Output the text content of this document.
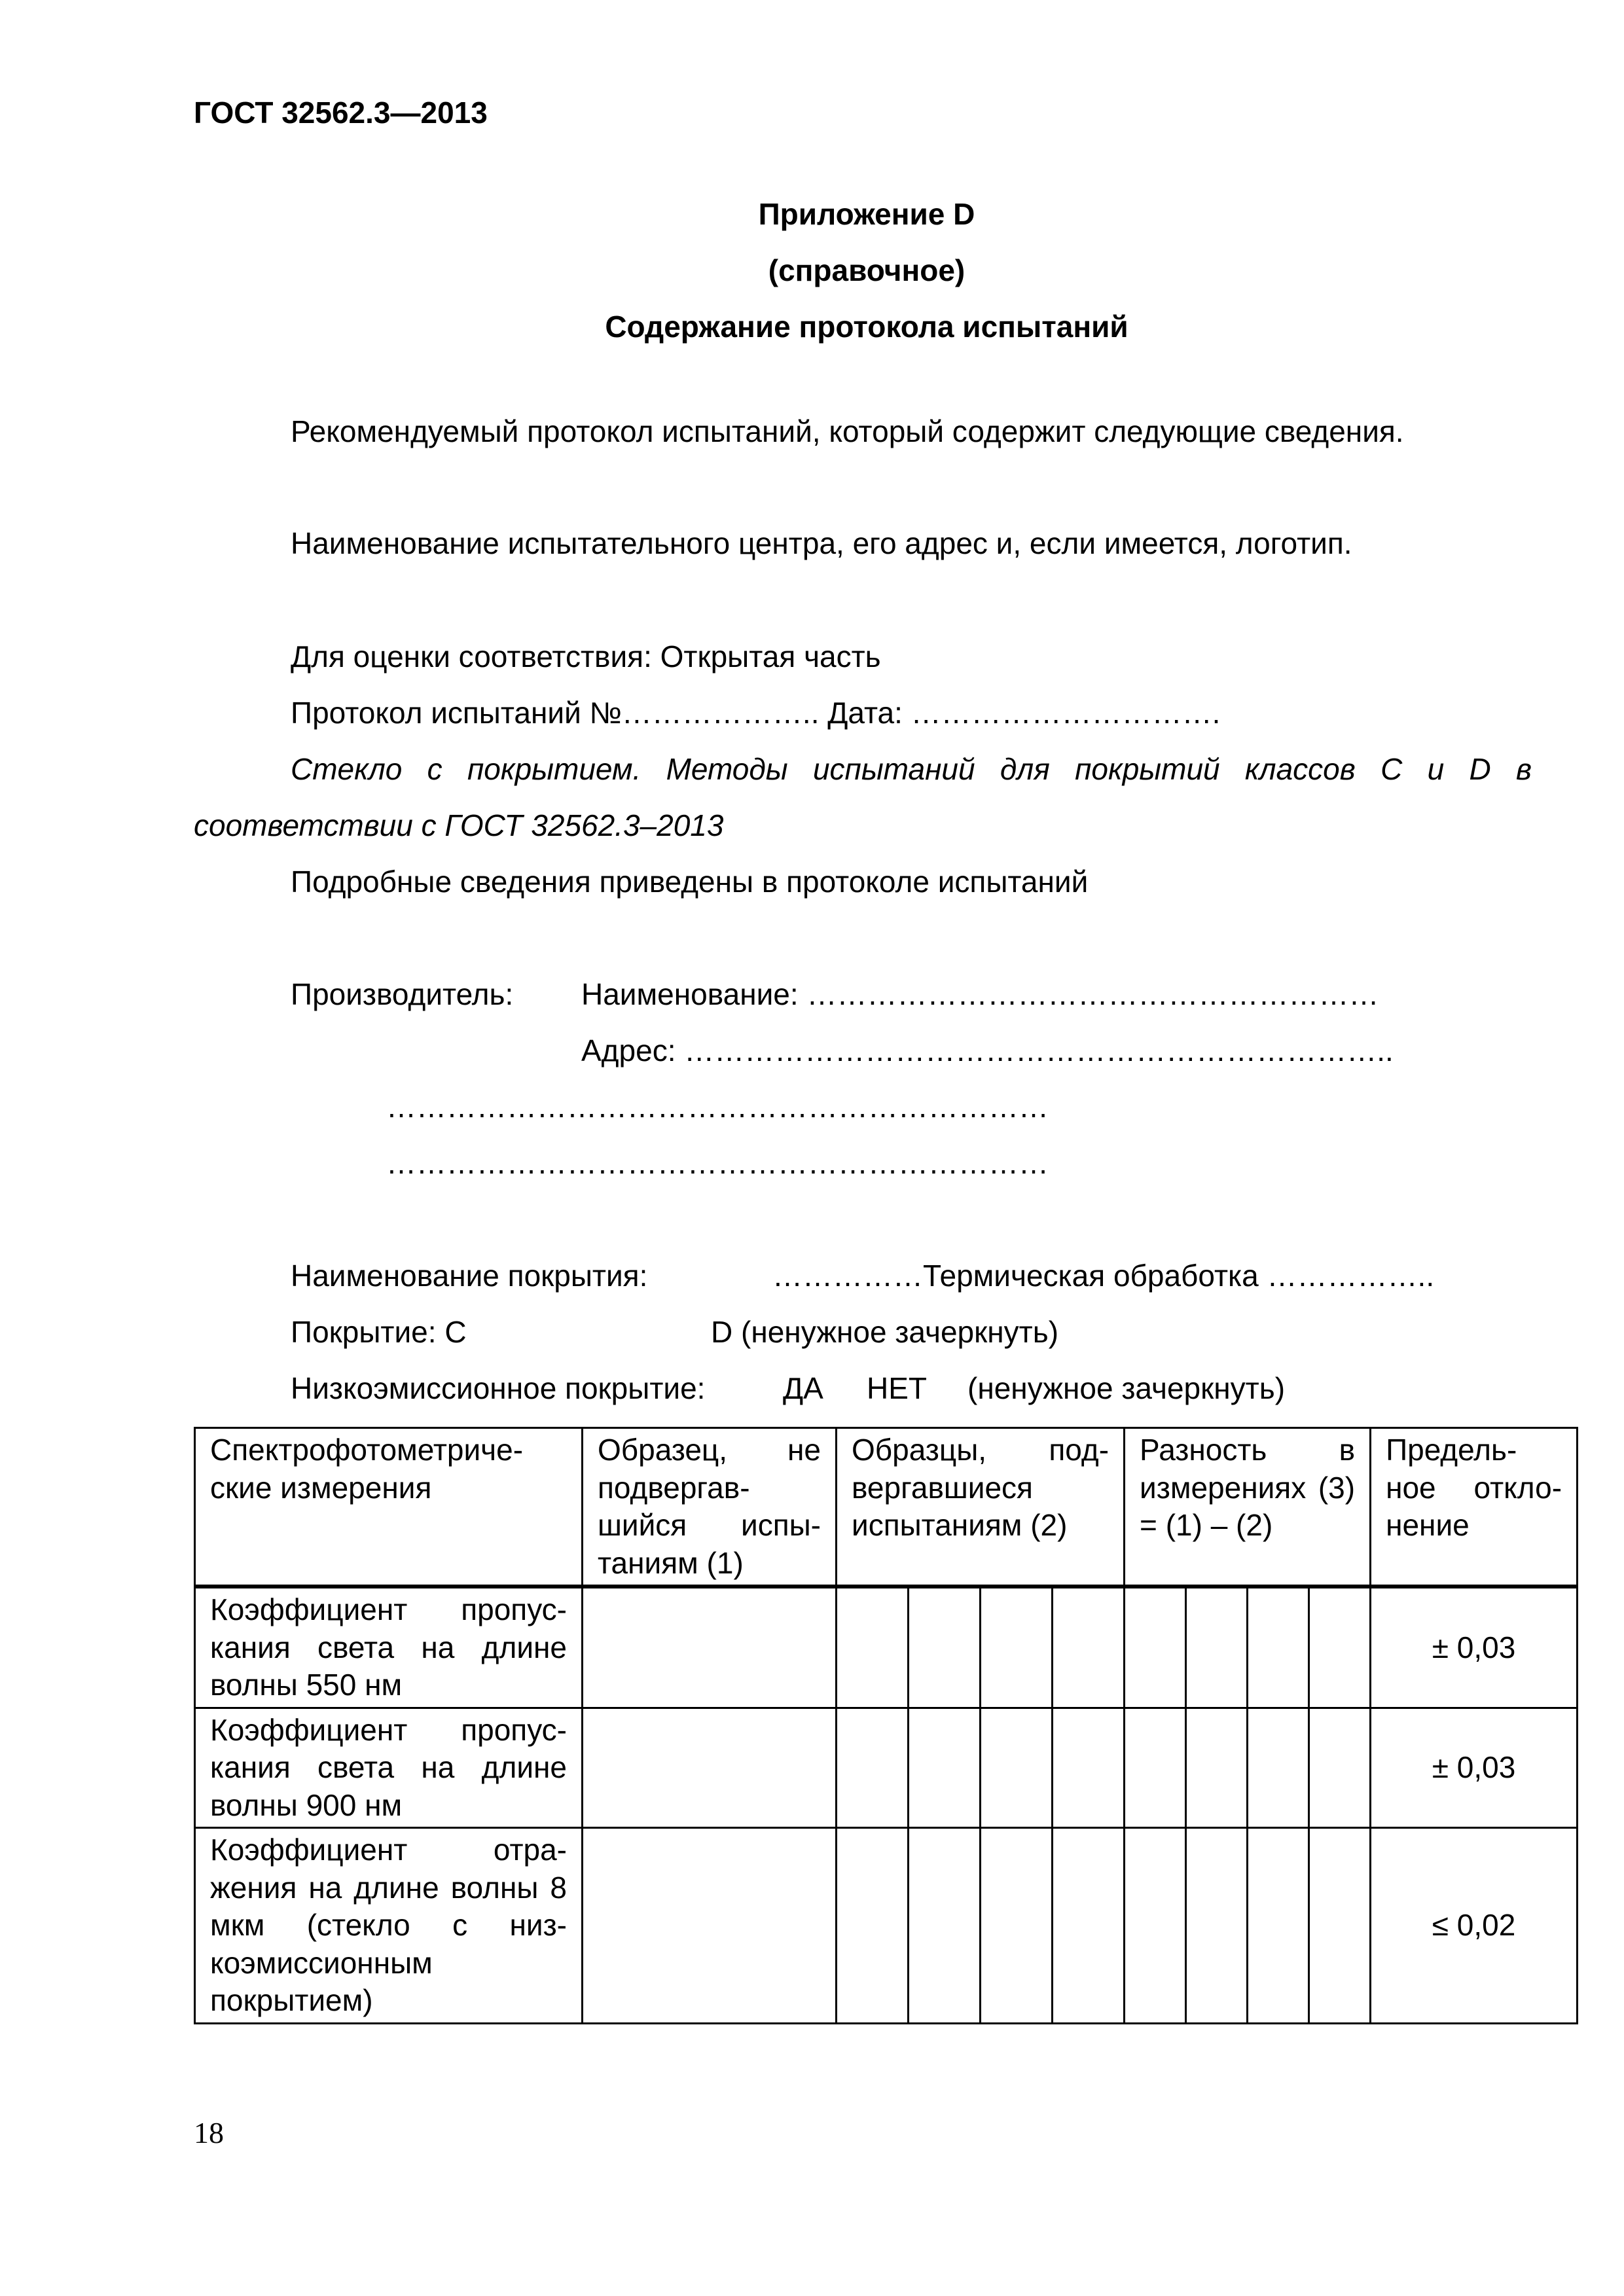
ГОСТ 32562.3—2013
Приложение D
(справочное)
Содержание протокола испытаний
Рекомендуемый протокол испытаний, который содержит следующие сведения.
Наименование испытательного центра, его адрес и, если имеется, логотип.
Для оценки соответствия: Открытая часть
Протокол испытаний №……………….. Дата: ………………………….
Стекло с покрытием. Методы испытаний для покрытий классов С и D в
соответствии с ГОСТ 32562.3–2013
Подробные сведения приведены в протоколе испытаний
Производитель: Наименование: …………………………………………………
Адрес: ……………………………………………………………..
…………………………………………………………
…………………………………………………………
Наименование покрытия:	……………Термическая обработка ……………..
Покрытие: С	D (ненужное зачеркнуть)
Низкоэмиссионное покрытие:	ДА НЕТ (ненужное зачеркнуть)
Спектрофотометриче-ские измерения	Образец, не подвергав-шийся испы-таниям (1)	Образцы, под-вергавшиеся испытаниям (2)				Разность в измерениях (3) = (1) – (2)				Предель-ное откло-нение

Коэффициент пропус-кания света на длине волны 550 нм										± 0,03

Коэффициент пропус-кания света на длине волны 900 нм										± 0,03

Коэффициент отра-жения на длине волны 8 мкм (стекло с низ-коэмиссионным покрытием)										≤ 0,02
18
